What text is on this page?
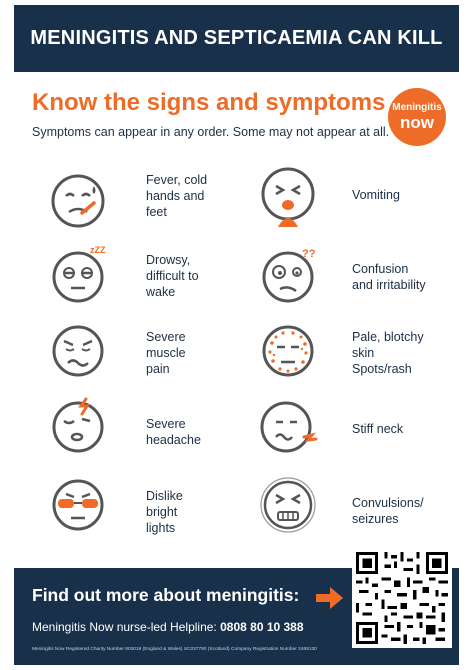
MENINGITIS AND SEPTICAEMIA CAN KILL
Know the signs and symptoms
Symptoms can appear in any order. Some may not appear at all.
Meningitis
now
Fever, cold
hands and
feet
Vomiting
zZZ
Drowsy,
difficult to
wake
??
Confusion
and irritability
Severe
muscle
pain
Pale, blotchy
skin
Spots/rash
Severe
headache
Stiff neck
Dislike
bright
lights
Convulsions/
seizures
Find out more about meningitis:
Meningitis Now nurse-led Helpline: 0808 80 10 388
Meningitis Now Registered Charity Number 803016 (England & Wales) SC037790 (Scotland) Company Registration Number 2469130
